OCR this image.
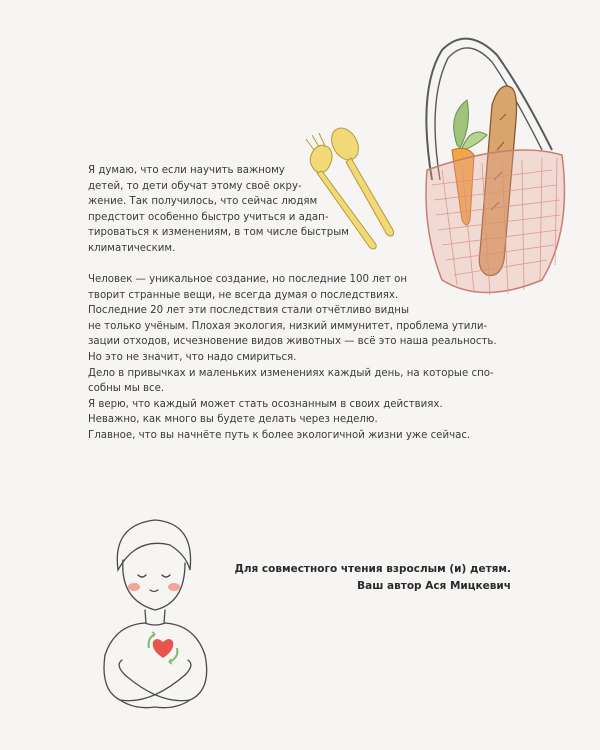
Я думаю, что если научить важному

детей, то дети обучат этому своё окру-

жение. Так получилось, что сейчас людям

предстоит особенно быстро учиться и адап-

тироваться к изменениям, в том числе быстрым

климатическим.

Человек — уникальное создание, но последние 100 лет он

творит странные вещи, не всегда думая о последствиях.

Последние 20 лет эти последствия стали отчётливо видны

не только учёным. Плохая экология, низкий иммунитет, проблема утили-

зации отходов, исчезновение видов животных — всё это наша реальность.

Но это не значит, что надо смириться.

Дело в привычках и маленьких изменениях каждый день, на которые спо-

собны мы все.

Я верю, что каждый может стать осознанным в своих действиях.

Неважно, как много вы будете делать через неделю.

Главное, что вы начнёте путь к более экологичной жизни уже сейчас.

Для совместного чтения взрослым (и) детям.
Ваш автор Ася Мицкевич
